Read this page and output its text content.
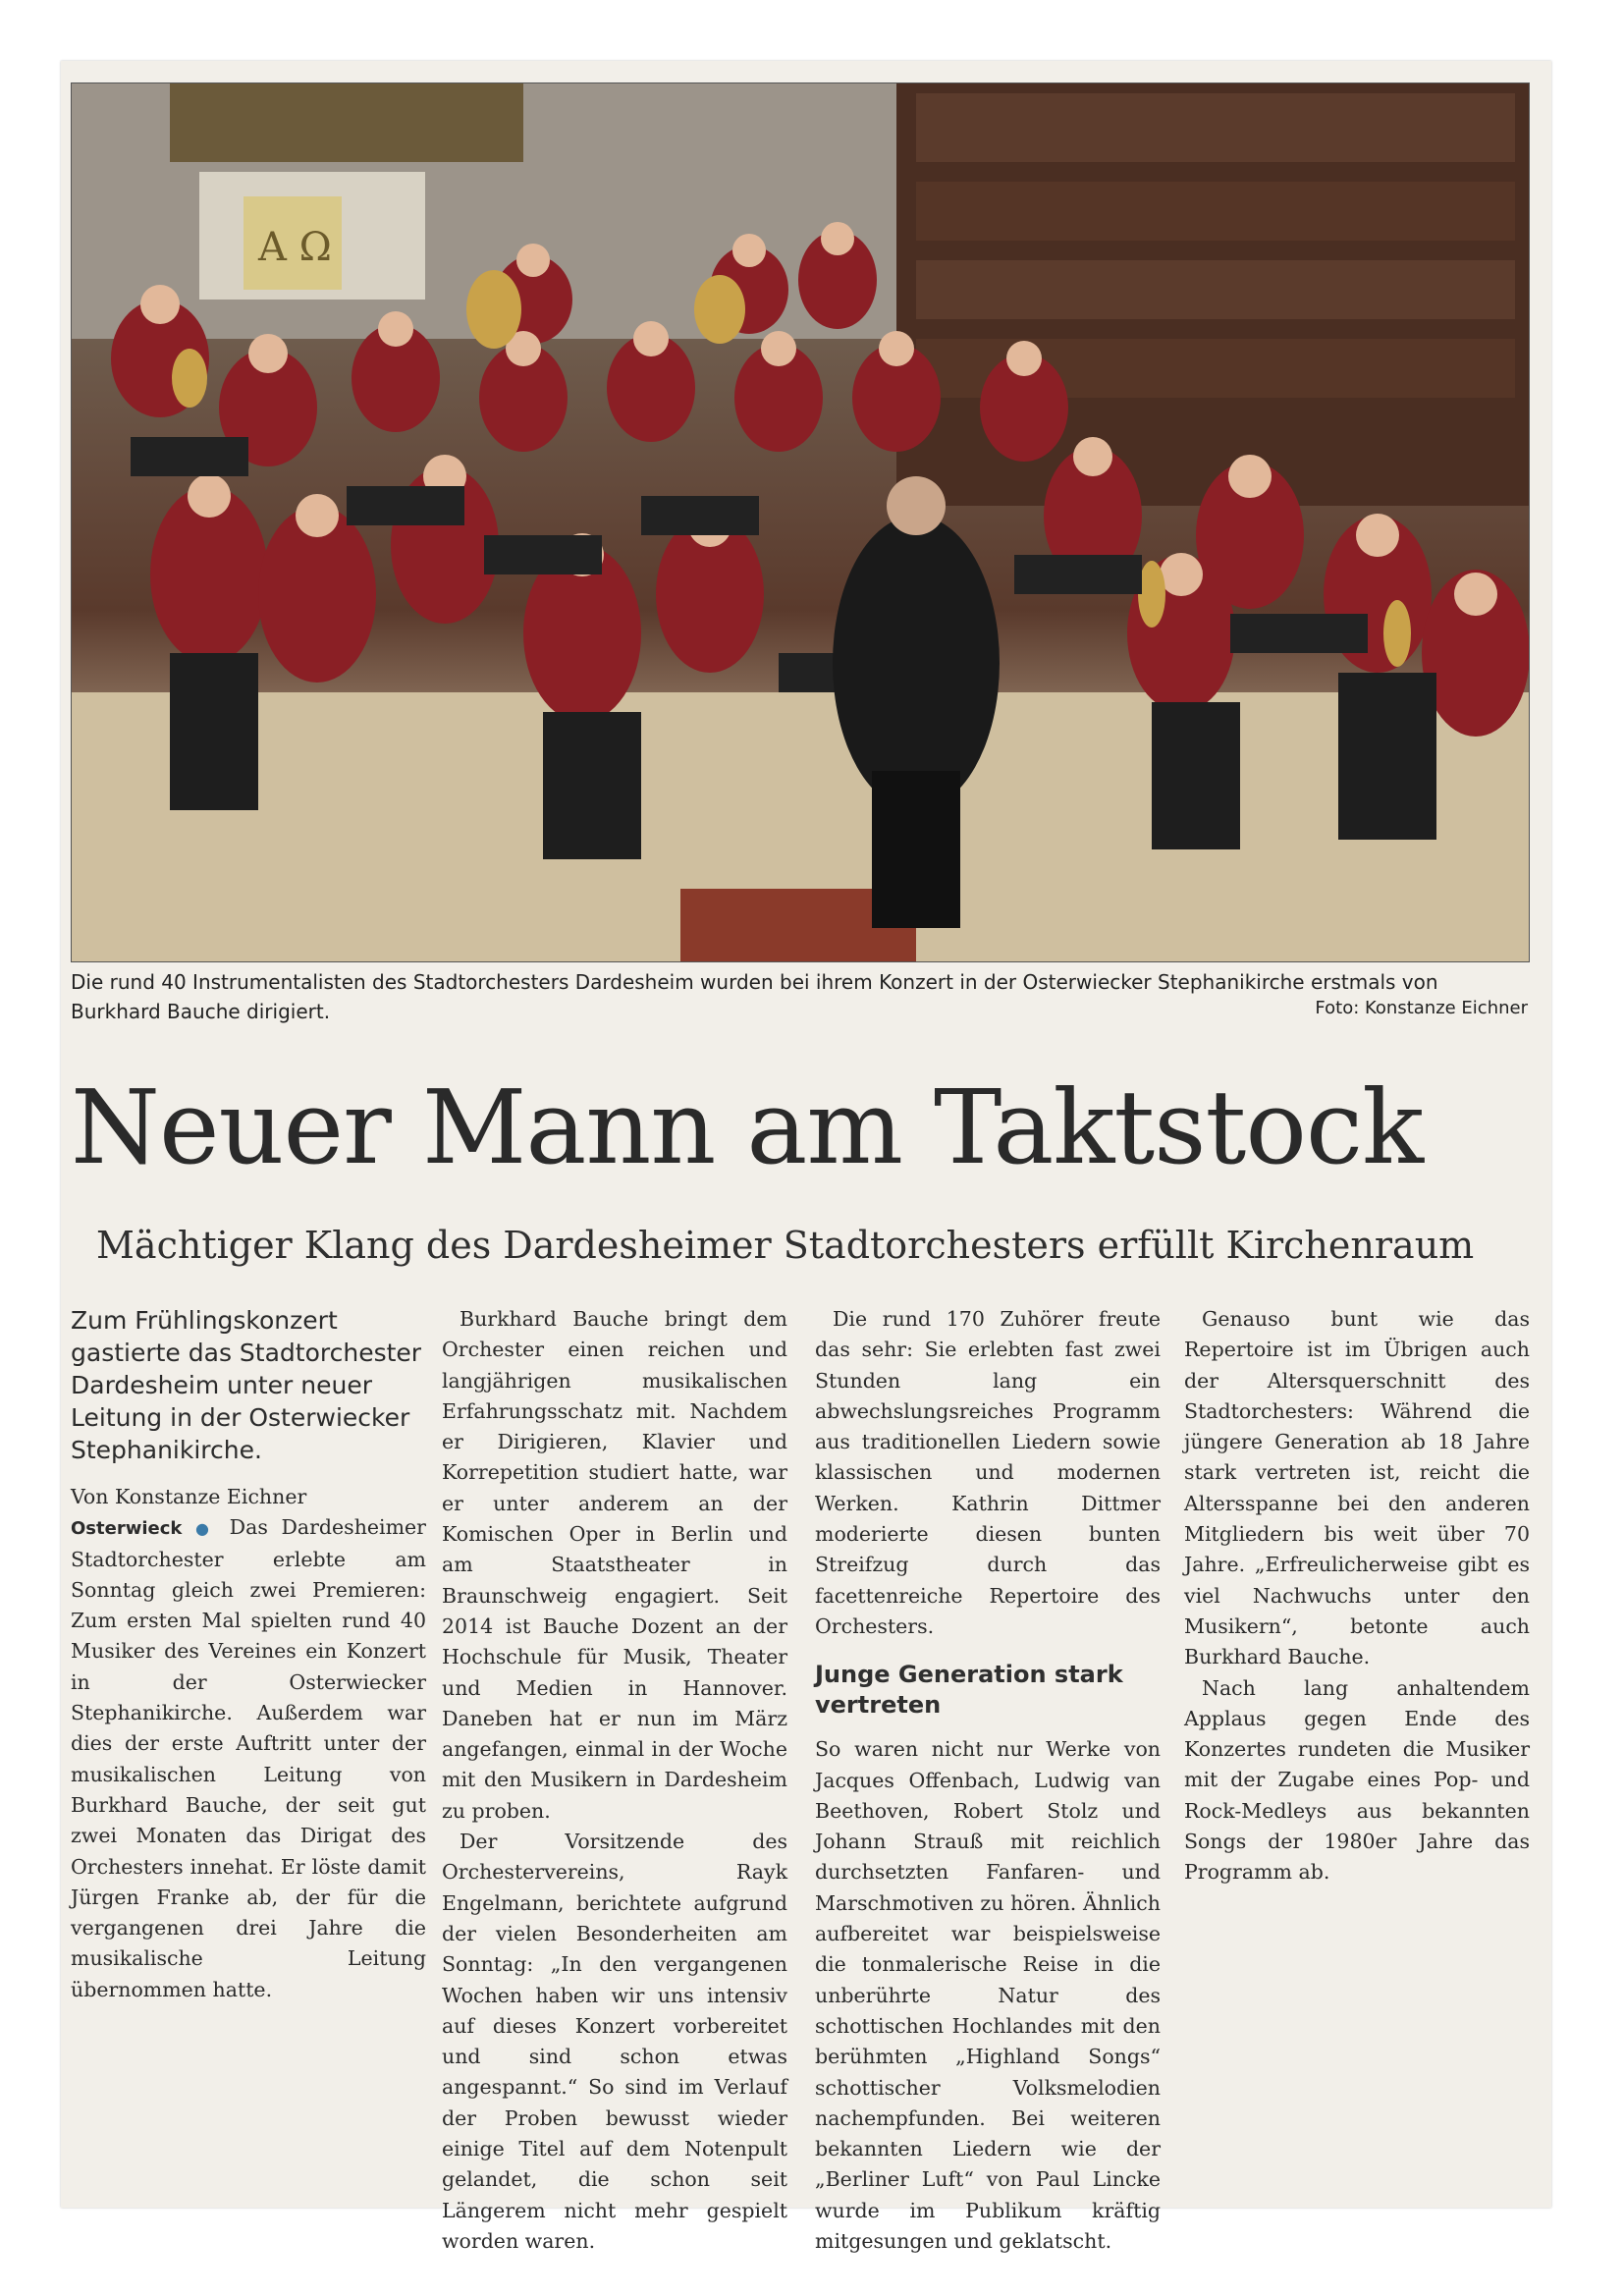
Α Ω
Die rund 40 Instrumentalisten des Stadtorchesters Dardesheim wurden bei ihrem Konzert in der Osterwiecker Stephanikirche erstmals von Burkhard Bauche dirigiert.	Foto: Konstanze Eichner
Neuer Mann am Taktstock
Mächtiger Klang des Dardesheimer Stadtorchesters erfüllt Kirchenraum
Zum Frühlingskonzert gastierte das Stadtorchester Dardesheim unter neuer Leitung in der Osterwiecker Stephanikirche.

Von Konstanze Eichner

Osterwieck ● Das Dardesheimer Stadtorchester erlebte am Sonntag gleich zwei Premieren: Zum ersten Mal spielten rund 40 Musiker des Vereines ein Konzert in der Osterwiecker Stephanikirche. Außerdem war dies der erste Auftritt unter der musikalischen Leitung von Burkhard Bauche, der seit gut zwei Monaten das Dirigat des Orchesters innehat. Er löste damit Jürgen Franke ab, der für die vergangenen drei Jahre die musikalische Leitung übernommen hatte.

Burkhard Bauche bringt dem Orchester einen reichen und langjährigen musikalischen Erfahrungsschatz mit. Nachdem er Dirigieren, Klavier und Korrepetition studiert hatte, war er unter anderem an der Komischen Oper in Berlin und am Staatstheater in Braunschweig engagiert. Seit 2014 ist Bauche Dozent an der Hochschule für Musik, Theater und Medien in Hannover. Daneben hat er nun im März angefangen, einmal in der Woche mit den Musikern in Dardesheim zu proben.

Der Vorsitzende des Orchestervereins, Rayk Engelmann, berichtete aufgrund der vielen Besonderheiten am Sonntag: „In den vergangenen Wochen haben wir uns intensiv auf dieses Konzert vorbereitet und sind schon etwas angespannt.“ So sind im Verlauf der Proben bewusst wieder einige Titel auf dem Notenpult gelandet, die schon seit Längerem nicht mehr gespielt worden waren.

Die rund 170 Zuhörer freute das sehr: Sie erlebten fast zwei Stunden lang ein abwechslungsreiches Programm aus traditionellen Liedern sowie klassischen und modernen Werken. Kathrin Dittmer moderierte diesen bunten Streifzug durch das facettenreiche Repertoire des Orchesters.

Junge Generation stark vertreten

So waren nicht nur Werke von Jacques Offenbach, Ludwig van Beethoven, Robert Stolz und Johann Strauß mit reichlich durchsetzten Fanfaren- und Marschmotiven zu hören. Ähnlich aufbereitet war beispielsweise die tonmalerische Reise in die unberührte Natur des schottischen Hochlandes mit den berühmten „Highland Songs“ schottischer Volksmelodien nachempfunden. Bei weiteren bekannten Liedern wie der „Berliner Luft“ von Paul Lincke wurde im Publikum kräftig mitgesungen und geklatscht.

Genauso bunt wie das Repertoire ist im Übrigen auch der Altersquerschnitt des Stadtorchesters: Während die jüngere Generation ab 18 Jahre stark vertreten ist, reicht die Altersspanne bei den anderen Mitgliedern bis weit über 70 Jahre. „Erfreulicherweise gibt es viel Nachwuchs unter den Musikern“, betonte auch Burkhard Bauche.

Nach lang anhaltendem Applaus gegen Ende des Konzertes rundeten die Musiker mit der Zugabe eines Pop- und Rock-Medleys aus bekannten Songs der 1980er Jahre das Programm ab.
